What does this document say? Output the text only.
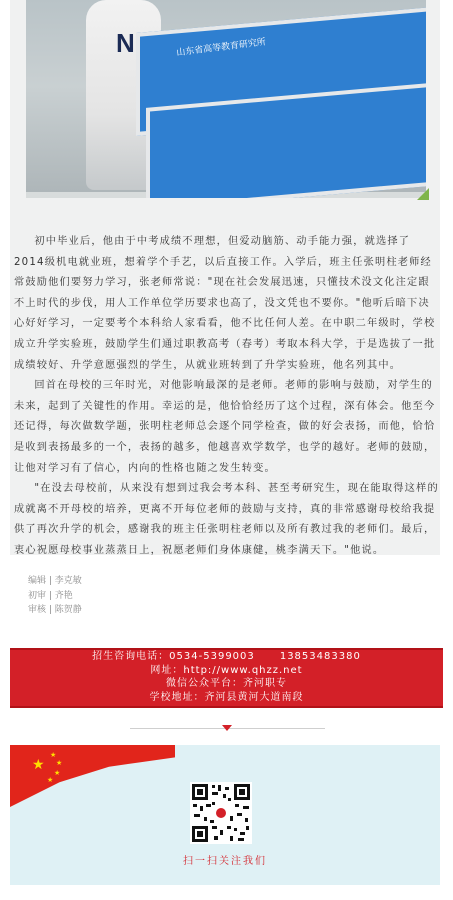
N	山东省高等教育研究所

初中毕业后，他由于中考成绩不理想，但爱动脑筋、动手能力强，就选择了2014级机电就业班，想着学个手艺，以后直接工作。入学后，班主任张明柱老师经常鼓励他们要努力学习，张老师常说："现在社会发展迅速，只懂技术没文化注定跟不上时代的步伐，用人工作单位学历要求也高了，没文凭也不要你。"他听后暗下决心好好学习，一定要考个本科给人家看看，他不比任何人差。在中职二年级时，学校成立升学实验班，鼓励学生们通过职教高考（春考）考取本科大学，于是选拔了一批成绩较好、升学意愿强烈的学生，从就业班转到了升学实验班，他名列其中。

回首在母校的三年时光，对他影响最深的是老师。老师的影响与鼓励，对学生的未来，起到了关键性的作用。幸运的是，他恰恰经历了这个过程，深有体会。他至今还记得，每次做数学题，张明柱老师总会逐个同学检查，做的好会表扬，而他，恰恰是收到表扬最多的一个，表扬的越多，他越喜欢学数学，也学的越好。老师的鼓励，让他对学习有了信心，内向的性格也随之发生转变。

"在没去母校前，从来没有想到过我会考本科、甚至考研究生，现在能取得这样的成就离不开母校的培养，更离不开每位老师的鼓励与支持，真的非常感谢母校给我提供了再次升学的机会，感谢我的班主任张明柱老师以及所有教过我的老师们。最后，衷心祝愿母校事业蒸蒸日上，祝愿老师们身体康健，桃李满天下。"他说。

编辑 | 李克敏
初审 | 齐艳
审核 | 陈贺静
招生咨询电话：0534-5399003      13853483380
网址：http://www.qhzz.net
微信公众平台：齐河职专
学校地址：齐河县黄河大道南段
★
★
★
★
★
扫一扫关注我们
